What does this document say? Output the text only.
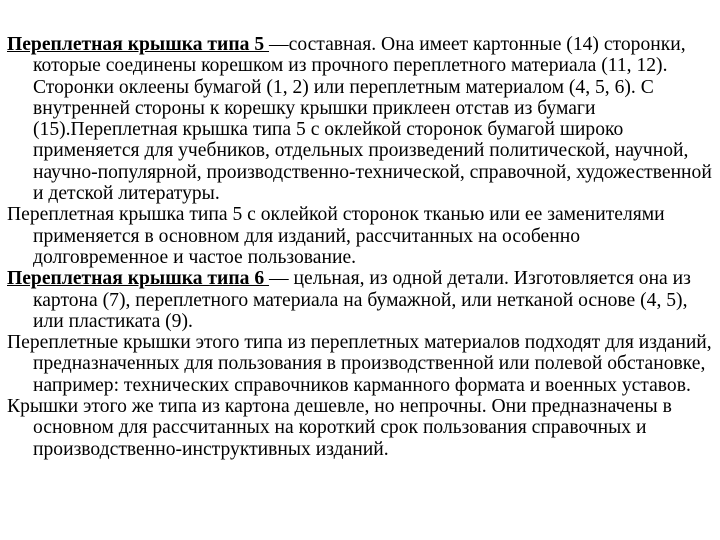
Переплетная крышка типа 5 —составная. Она имеет картонные (14) сторонки, которые соединены корешком из прочного переплетного материала (11, 12). Сторонки оклеены бумагой (1, 2) или переплетным материалом (4, 5, 6). С внутренней стороны к корешку крышки приклеен отстав из бумаги (15).Переплетная крышка типа 5 с оклейкой сторонок бумагой широко применяется для учебников, отдельных произведений политической, научной, научно-популярной, производственно-технической, справочной, художественной и детской литературы.

Переплетная крышка типа 5 с оклейкой сторонок тканью или ее заменителями применяется в основном для изданий, рассчитанных на особенно долговременное и частое пользование.

Переплетная крышка типа 6 — цельная, из одной детали. Изготовляется она из картона (7), переплетного материала на бумажной, или нетканой основе (4, 5), или пластиката (9).

Переплетные крышки этого типа из переплетных материалов подходят для изданий, предназначенных для пользования в производственной или полевой обстановке, например: технических справочников карманного формата и военных уставов.

Крышки этого же типа из картона дешевле, но непрочны. Они предназначены в основном для рассчитанных на короткий срок пользования справочных и производственно-инструктивных изданий.
